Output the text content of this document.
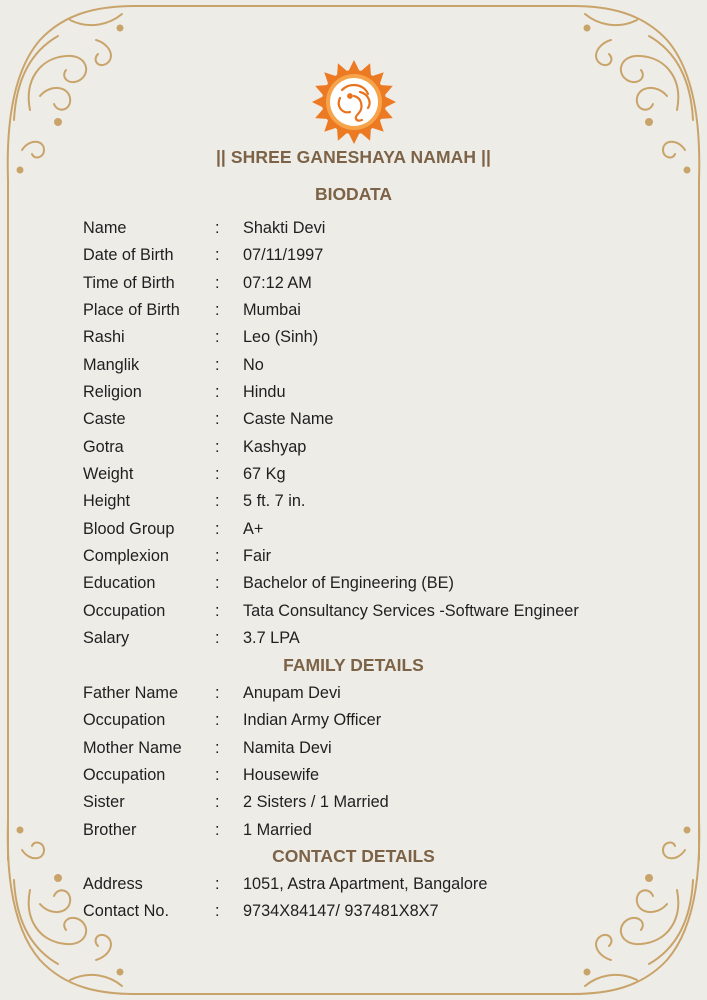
|| SHREE GANESHAYA NAMAH ||
BIODATA
Name	: Shakti Devi
Date of Birth	: 07/11/1997
Time of Birth : 07:12 AM
Place of Birth : Mumbai
Rashi	: Leo (Sinh)
Manglik	: No
Religion	: Hindu
Caste	: Caste Name
Gotra	: Kashyap
Weight	: 67 Kg
Height	: 5 ft. 7 in.
Blood Group : A+
Complexion	: Fair
Education	: Bachelor of Engineering (BE)
Occupation	: Tata Consultancy Services -Software Engineer
Salary	: 3.7 LPA
FAMILY DETAILS
Father Name : Anupam Devi
Occupation	: Indian Army Officer
Mother Name : Namita Devi
Occupation	: Housewife
Sister	: 2 Sisters / 1 Married
Brother	: 1 Married
CONTACT DETAILS
Address	: 1051, Astra Apartment, Bangalore
Contact No.	: 9734X84147/ 937481X8X7
